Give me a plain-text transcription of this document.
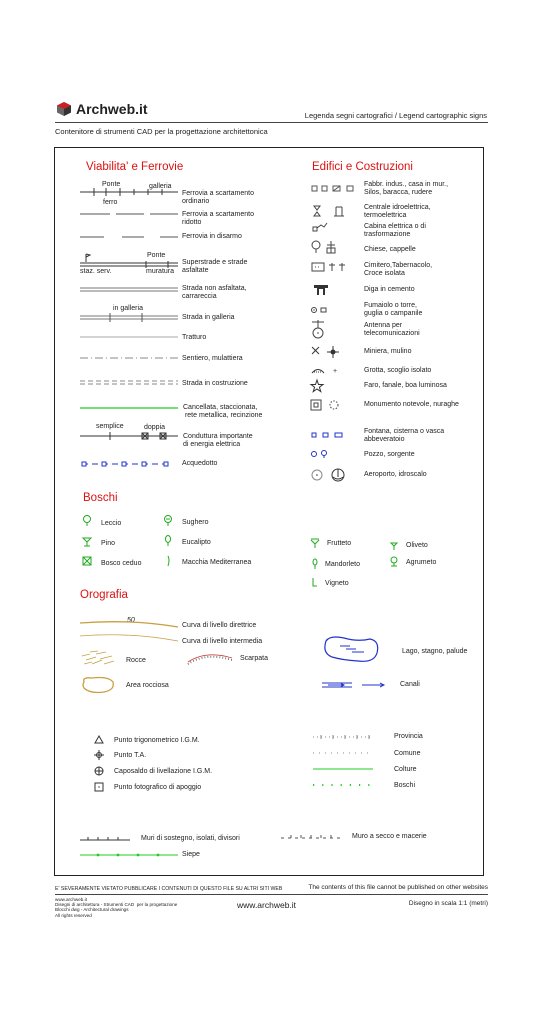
Archweb.it	Legenda segni cartografici / Legend cartographic signs
Contenitore di strumenti CAD per la progettazione architettonica
Viabilita' e Ferrovie
Ponte	galleria
ferro
Ferrovia a scartamento
ordinario
Ferrovia a scartamento
ridotto
Ferrovia in disarmo
Ponte
staz. serv.	muratura
Superstrade e strade
asfaltate
Strada non asfaltata,
carrareccia
in galleria
Strada in galleria
Tratturo
Sentiero, mulattiera
Strada in costruzione
Cancellata, staccionata,
rete metallica, recinzione
semplice	doppia
Conduttura importante
di energia elettrica
Acquedotto
Edifici e Costruzioni
Fabbr. indus., casa in mur.,
Silos, baracca, rudere
Centrale idroelettrica,
termoelettrica
Cabina elettrica o di
trasformazione
Chiese, cappelle
Cimitero,Tabernacolo,
Croce isolata
Diga in cemento
Fumaiolo o torre,
guglia o campanile
Antenna per
telecomunicazioni
Miniera, mulino
+	Grotta, scoglio isolato
Faro, fanale, boa luminosa
Monumento notevole, nuraghe
Fontana, cisterna o vasca
abbeveratoio
Pozzo, sorgente
Aeroporto, idroscalo
Boschi
Leccio	Sughero
Pino	Eucalipto
Bosco ceduo	Macchia Mediterranea
Frutteto	Oliveto
Mandorleto	Agrumeto
Vigneto
Orografia
50
Curva di livello direttrice
Curva di livello intermedia
Rocce	Scarpata
Area rocciosa
Lago, stagno, palude
Canali
Punto trigonometrico I.G.M.
Punto T.A.
Caposaldo di livellazione I.G.M.
Punto fotografico di apoggio
Provincia
Comune
Colture
Boschi
Muri di sostegno, isolati, divisori	Muro a secco e macerie
Siepe
E' SEVERAMENTE VIETATO PUBBLICARE I CONTENUTI DI QUESTO FILE SU ALTRI SITI WEB	The contents of this file cannot be published on other websites
www.archweb.it
Disegni di architettura - Strumenti CAD  per la progettazione
Blocchi dwg - Architectural drawings
All rights reserved
www.archweb.it	Disegno in scala 1:1 (metri)
